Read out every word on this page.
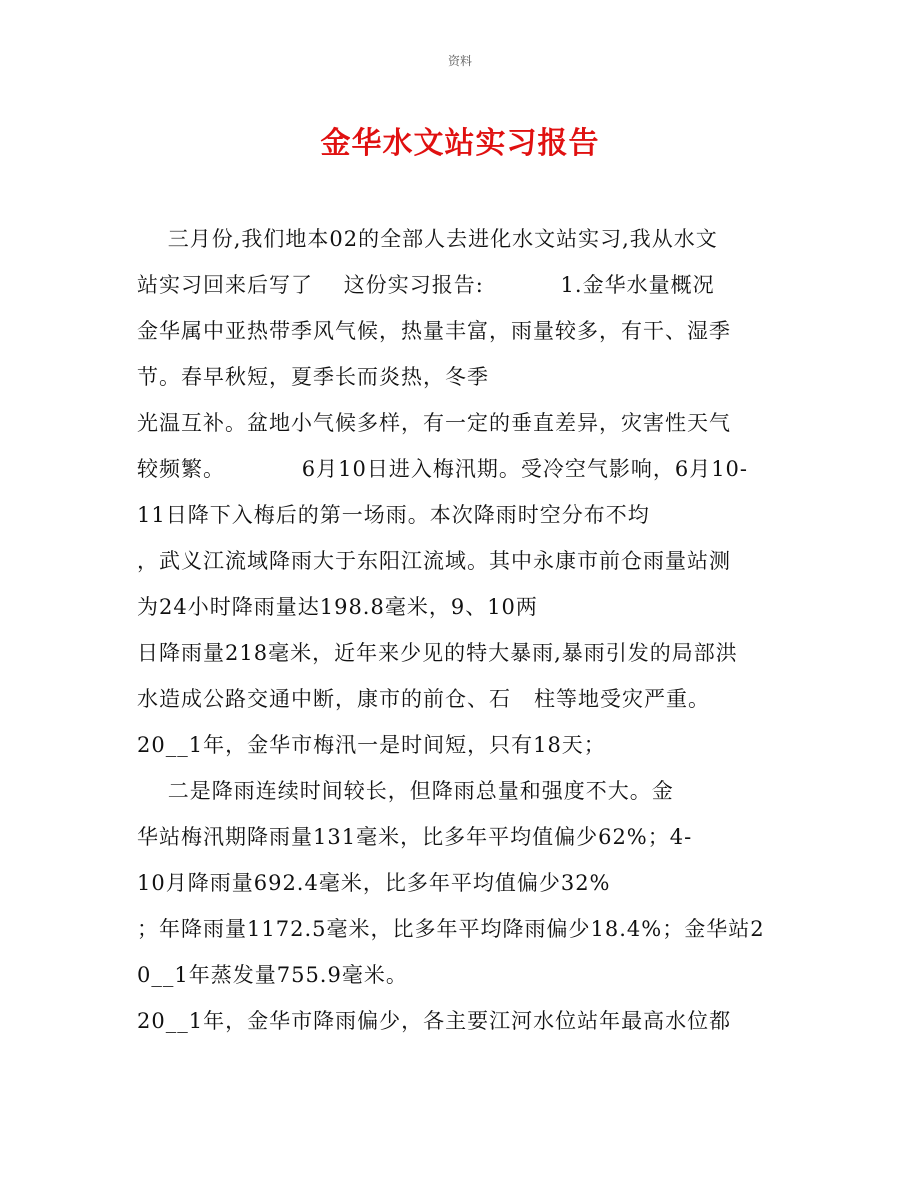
资料
金华水文站实习报告
三月份,我们地本02的全部人去进化水文站实习,我从水文
站实习回来后写了    这份实习报告:          1.金华水量概况
金华属中亚热带季风气候，热量丰富，雨量较多，有干、湿季
节。春早秋短，夏季长而炎热，冬季
光温互补。盆地小气候多样，有一定的垂直差异，灾害性天气
较频繁。          6月10日进入梅汛期。受冷空气影响，6月10-
11日降下入梅后的第一场雨。本次降雨时空分布不均
，武义江流域降雨大于东阳江流域。其中永康市前仓雨量站测
为24小时降雨量达198.8毫米，9、10两
日降雨量218毫米，近年来少见的特大暴雨,暴雨引发的局部洪
水造成公路交通中断，康市的前仓、石   柱等地受灾严重。
20__1年，金华市梅汛一是时间短，只有18天；
二是降雨连续时间较长，但降雨总量和强度不大。金
华站梅汛期降雨量131毫米，比多年平均值偏少62%；4-
10月降雨量692.4毫米，比多年平均值偏少32%
；年降雨量1172.5毫米，比多年平均降雨偏少18.4%；金华站2
0__1年蒸发量755.9毫米。
20__1年，金华市降雨偏少，各主要江河水位站年最高水位都
